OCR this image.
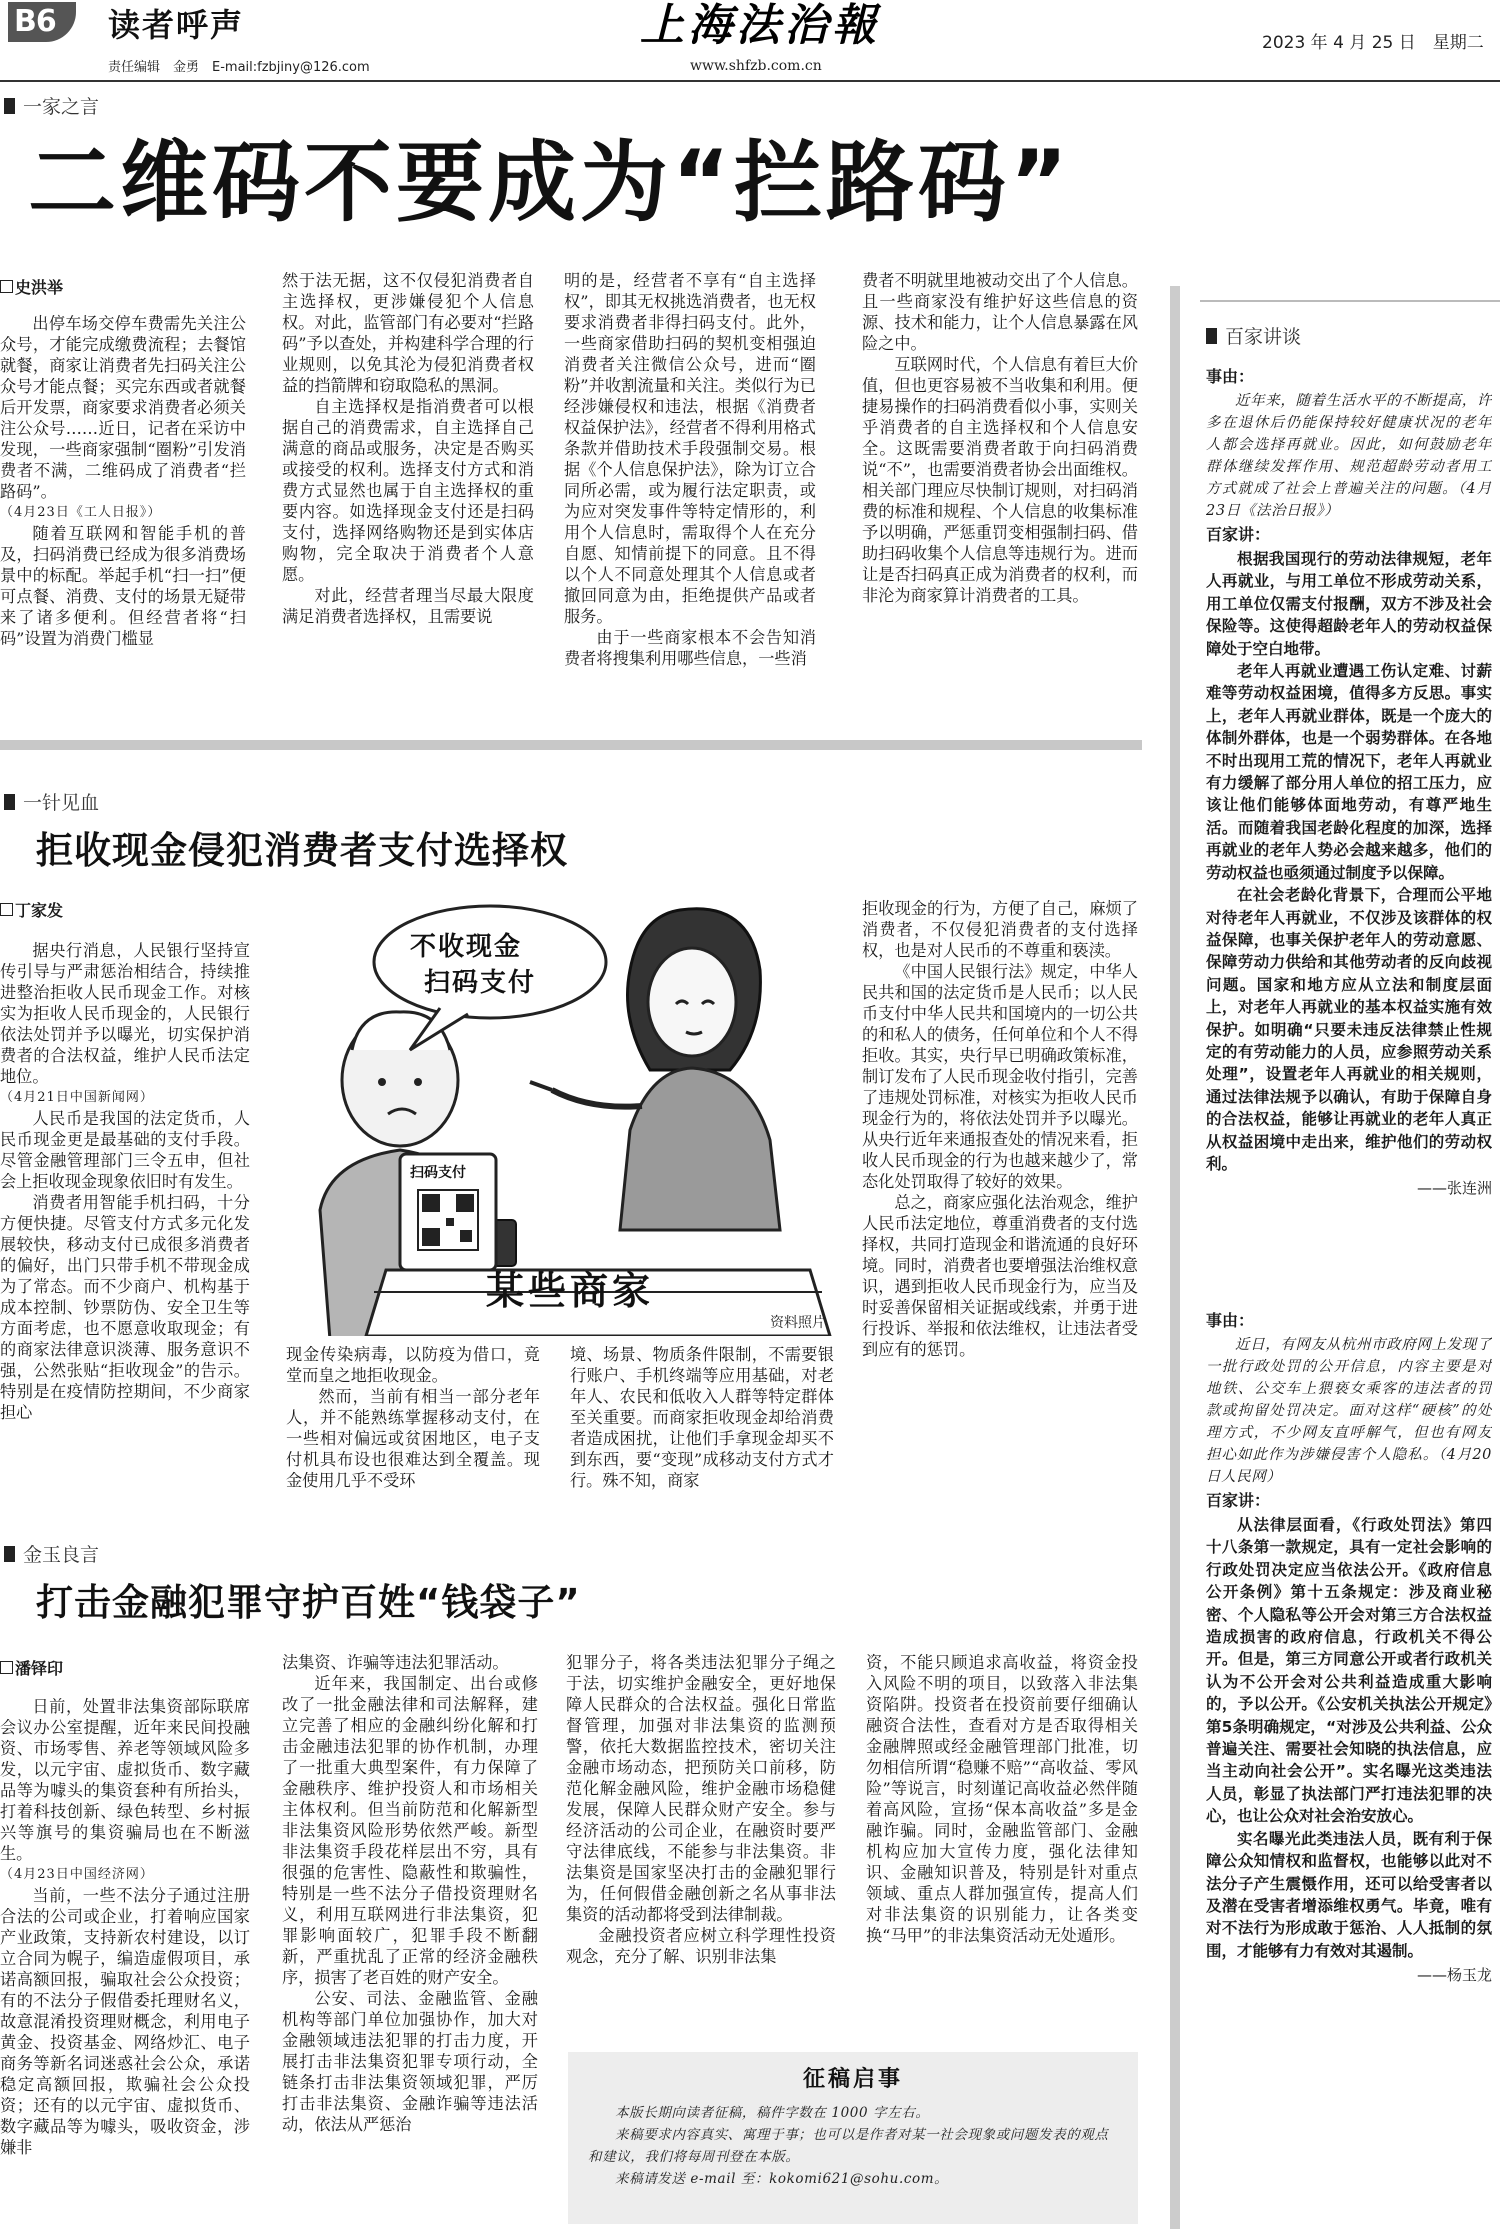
B6 读者呼声
责任编辑　金勇　E-mail:fzbjiny@126.com
上海法治報
www.shfzb.com.cn
2023 年 4 月 25 日　星期二
一家之言
二维码不要成为“拦路码”
史洪举

出停车场交停车费需先关注公众号，才能完成缴费流程；去餐馆就餐，商家让消费者先扫码关注公众号才能点餐；买完东西或者就餐后开发票，商家要求消费者必须关注公众号……近日，记者在采访中发现，一些商家强制“圈粉”引发消费者不满，二维码成了消费者“拦路码”。

（4月23日《工人日报》）

随着互联网和智能手机的普及，扫码消费已经成为很多消费场景中的标配。举起手机“扫一扫”便可点餐、消费、支付的场景无疑带来了诸多便利。但经营者将“扫码”设置为消费门槛显

然于法无据，这不仅侵犯消费者自主选择权，更涉嫌侵犯个人信息权。对此，监管部门有必要对“拦路码”予以查处，并构建科学合理的行业规则，以免其沦为侵犯消费者权益的挡箭牌和窃取隐私的黑洞。

自主选择权是指消费者可以根据自己的消费需求，自主选择自己满意的商品或服务，决定是否购买或接受的权利。选择支付方式和消费方式显然也属于自主选择权的重要内容。如选择现金支付还是扫码支付，选择网络购物还是到实体店购物，完全取决于消费者个人意愿。

对此，经营者理当尽最大限度满足消费者选择权，且需要说

明的是，经营者不享有“自主选择权”，即其无权挑选消费者，也无权要求消费者非得扫码支付。此外，一些商家借助扫码的契机变相强迫消费者关注微信公众号，进而“圈粉”并收割流量和关注。类似行为已经涉嫌侵权和违法，根据《消费者权益保护法》，经营者不得利用格式条款并借助技术手段强制交易。根据《个人信息保护法》，除为订立合同所必需，或为履行法定职责，或为应对突发事件等特定情形的，利用个人信息时，需取得个人在充分自愿、知情前提下的同意。且不得以个人不同意处理其个人信息或者撤回同意为由，拒绝提供产品或者服务。

由于一些商家根本不会告知消费者将搜集利用哪些信息，一些消

费者不明就里地被动交出了个人信息。且一些商家没有维护好这些信息的资源、技术和能力，让个人信息暴露在风险之中。

互联网时代，个人信息有着巨大价值，但也更容易被不当收集和利用。便捷易操作的扫码消费看似小事，实则关乎消费者的自主选择权和个人信息安全。这既需要消费者敢于向扫码消费说“不”，也需要消费者协会出面维权。相关部门理应尽快制订规则，对扫码消费的标准和规程、个人信息的收集标准予以明确，严惩重罚变相强制扫码、借助扫码收集个人信息等违规行为。进而让是否扫码真正成为消费者的权利，而非沦为商家算计消费者的工具。

一针见血
拒收现金侵犯消费者支付选择权
丁家发

据央行消息，人民银行坚持宣传引导与严肃惩治相结合，持续推进整治拒收人民币现金工作。对核实为拒收人民币现金的，人民银行依法处罚并予以曝光，切实保护消费者的合法权益，维护人民币法定地位。

（4月21日中国新闻网）

人民币是我国的法定货币，人民币现金更是最基础的支付手段。尽管金融管理部门三令五申，但社会上拒收现金现象依旧时有发生。

消费者用智能手机扫码，十分方便快捷。尽管支付方式多元化发展较快，移动支付已成很多消费者的偏好，出门只带手机不带现金成为了常态。而不少商户、机构基于成本控制、钞票防伪、安全卫生等方面考虑，也不愿意收取现金；有的商家法律意识淡薄、服务意识不强，公然张贴“拒收现金”的告示。特别是在疫情防控期间，不少商家担心

不收现金
扫码支付
扫码支付
某些商家
资料照片

现金传染病毒，以防疫为借口，竟堂而皇之地拒收现金。

然而，当前有相当一部分老年人，并不能熟练掌握移动支付，在一些相对偏远或贫困地区，电子支付机具布设也很难达到全覆盖。现金使用几乎不受环

境、场景、物质条件限制，不需要银行账户、手机终端等应用基础，对老年人、农民和低收入人群等特定群体至关重要。而商家拒收现金却给消费者造成困扰，让他们手拿现金却买不到东西，要“变现”成移动支付方式才行。殊不知，商家

拒收现金的行为，方便了自己，麻烦了消费者，不仅侵犯消费者的支付选择权，也是对人民币的不尊重和亵渎。

《中国人民银行法》规定，中华人民共和国的法定货币是人民币；以人民币支付中华人民共和国境内的一切公共的和私人的债务，任何单位和个人不得拒收。其实，央行早已明确政策标准，制订发布了人民币现金收付指引，完善了违规处罚标准，对核实为拒收人民币现金行为的，将依法处罚并予以曝光。从央行近年来通报查处的情况来看，拒收人民币现金的行为也越来越少了，常态化处罚取得了较好的效果。

总之，商家应强化法治观念，维护人民币法定地位，尊重消费者的支付选择权，共同打造现金和谐流通的良好环境。同时，消费者也要增强法治维权意识，遇到拒收人民币现金行为，应当及时妥善保留相关证据或线索，并勇于进行投诉、举报和依法维权，让违法者受到应有的惩罚。

金玉良言
打击金融犯罪守护百姓“钱袋子”
潘铎印

日前，处置非法集资部际联席会议办公室提醒，近年来民间投融资、市场零售、养老等领域风险多发，以元宇宙、虚拟货币、数字藏品等为噱头的集资套种有所抬头，打着科技创新、绿色转型、乡村振兴等旗号的集资骗局也在不断滋生。

（4月23日中国经济网）

当前，一些不法分子通过注册合法的公司或企业，打着响应国家产业政策，支持新农村建设，以订立合同为幌子，编造虚假项目，承诺高额回报，骗取社会公众投资；有的不法分子假借委托理财名义，故意混淆投资理财概念，利用电子黄金、投资基金、网络炒汇、电子商务等新名词迷惑社会公众，承诺稳定高额回报，欺骗社会公众投资；还有的以元宇宙、虚拟货币、数字藏品等为噱头，吸收资金，涉嫌非

法集资、诈骗等违法犯罪活动。

近年来，我国制定、出台或修改了一批金融法律和司法解释，建立完善了相应的金融纠纷化解和打击金融违法犯罪的协作机制，办理了一批重大典型案件，有力保障了金融秩序、维护投资人和市场相关主体权利。但当前防范和化解新型非法集资风险形势依然严峻。新型非法集资手段花样层出不穷，具有很强的危害性、隐蔽性和欺骗性，特别是一些不法分子借投资理财名义，利用互联网进行非法集资，犯罪影响面较广，犯罪手段不断翻新，严重扰乱了正常的经济金融秩序，损害了老百姓的财产安全。

公安、司法、金融监管、金融机构等部门单位加强协作，加大对金融领域违法犯罪的打击力度，开展打击非法集资犯罪专项行动，全链条打击非法集资领域犯罪，严厉打击非法集资、金融诈骗等违法活动，依法从严惩治

犯罪分子，将各类违法犯罪分子绳之于法，切实维护金融安全，更好地保障人民群众的合法权益。强化日常监督管理，加强对非法集资的监测预警，依托大数据监控技术，密切关注金融市场动态，把预防关口前移，防范化解金融风险，维护金融市场稳健发展，保障人民群众财产安全。参与经济活动的公司企业，在融资时要严守法律底线，不能参与非法集资。非法集资是国家坚决打击的金融犯罪行为，任何假借金融创新之名从事非法集资的活动都将受到法律制裁。

金融投资者应树立科学理性投资观念，充分了解、识别非法集

资，不能只顾追求高收益，将资金投入风险不明的项目，以致落入非法集资陷阱。投资者在投资前要仔细确认融资合法性，查看对方是否取得相关金融牌照或经金融管理部门批准，切勿相信所谓“稳赚不赔”“高收益、零风险”等说言，时刻谨记高收益必然伴随着高风险，宣扬“保本高收益”多是金融诈骗。同时，金融监管部门、金融机构应加大宣传力度，强化法律知识、金融知识普及，特别是针对重点领域、重点人群加强宣传，提高人们对非法集资的识别能力，让各类变换“马甲”的非法集资活动无处遁形。

征稿启事
本版长期向读者征稿，稿件字数在 1000 字左右。
来稿要求内容真实、寓理于事；也可以是作者对某一社会现象或问题发表的观点和建议，我们将每周刊登在本版。
来稿请发送 e-mail 至：kokomi621@sohu.com。
百家讲谈

事由：

近年来，随着生活水平的不断提高，许多在退休后仍能保持较好健康状况的老年人都会选择再就业。因此，如何鼓励老年群体继续发挥作用、规范超龄劳动者用工方式就成了社会上普遍关注的问题。（4月23日《法治日报》）

百家讲：

根据我国现行的劳动法律规短，老年人再就业，与用工单位不形成劳动关系，用工单位仅需支付报酬，双方不涉及社会保险等。这使得超龄老年人的劳动权益保障处于空白地带。

老年人再就业遭遇工伤认定难、讨薪难等劳动权益困境，值得多方反思。事实上，老年人再就业群体，既是一个庞大的体制外群体，也是一个弱势群体。在各地不时出现用工荒的情况下，老年人再就业有力缓解了部分用人单位的招工压力，应该让他们能够体面地劳动，有尊严地生活。而随着我国老龄化程度的加深，选择再就业的老年人势必会越来越多，他们的劳动权益也亟须通过制度予以保障。

在社会老龄化背景下，合理而公平地对待老年人再就业，不仅涉及该群体的权益保障，也事关保护老年人的劳动意愿、保障劳动力供给和其他劳动者的反向歧视问题。国家和地方应从立法和制度层面上，对老年人再就业的基本权益实施有效保护。如明确“只要未违反法律禁止性规定的有劳动能力的人员，应参照劳动关系处理”，设置老年人再就业的相关规则，通过法律法规予以确认，有助于保障自身的合法权益，能够让再就业的老年人真正从权益困境中走出来，维护他们的劳动权利。

——张连洲

事由：

近日，有网友从杭州市政府网上发现了一批行政处罚的公开信息，内容主要是对地铁、公交车上猥亵女乘客的违法者的罚款或拘留处罚决定。面对这样“硬核”的处理方式，不少网友直呼解气，但也有网友担心如此作为涉嫌侵害个人隐私。（4月20日人民网）

百家讲：

从法律层面看，《行政处罚法》第四十八条第一款规定，具有一定社会影响的行政处罚决定应当依法公开。《政府信息公开条例》第十五条规定：涉及商业秘密、个人隐私等公开会对第三方合法权益造成损害的政府信息，行政机关不得公开。但是，第三方同意公开或者行政机关认为不公开会对公共利益造成重大影响的，予以公开。《公安机关执法公开规定》第5条明确规定，“对涉及公共利益、公众普遍关注、需要社会知晓的执法信息，应当主动向社会公开”。实名曝光这类违法人员，彰显了执法部门严打违法犯罪的决心，也让公众对社会治安放心。

实名曝光此类违法人员，既有利于保障公众知情权和监督权，也能够以此对不法分子产生震慑作用，还可以给受害者以及潜在受害者增添维权勇气。毕竟，唯有对不法行为形成敢于惩治、人人抵制的氛围，才能够有力有效对其遏制。

——杨玉龙
